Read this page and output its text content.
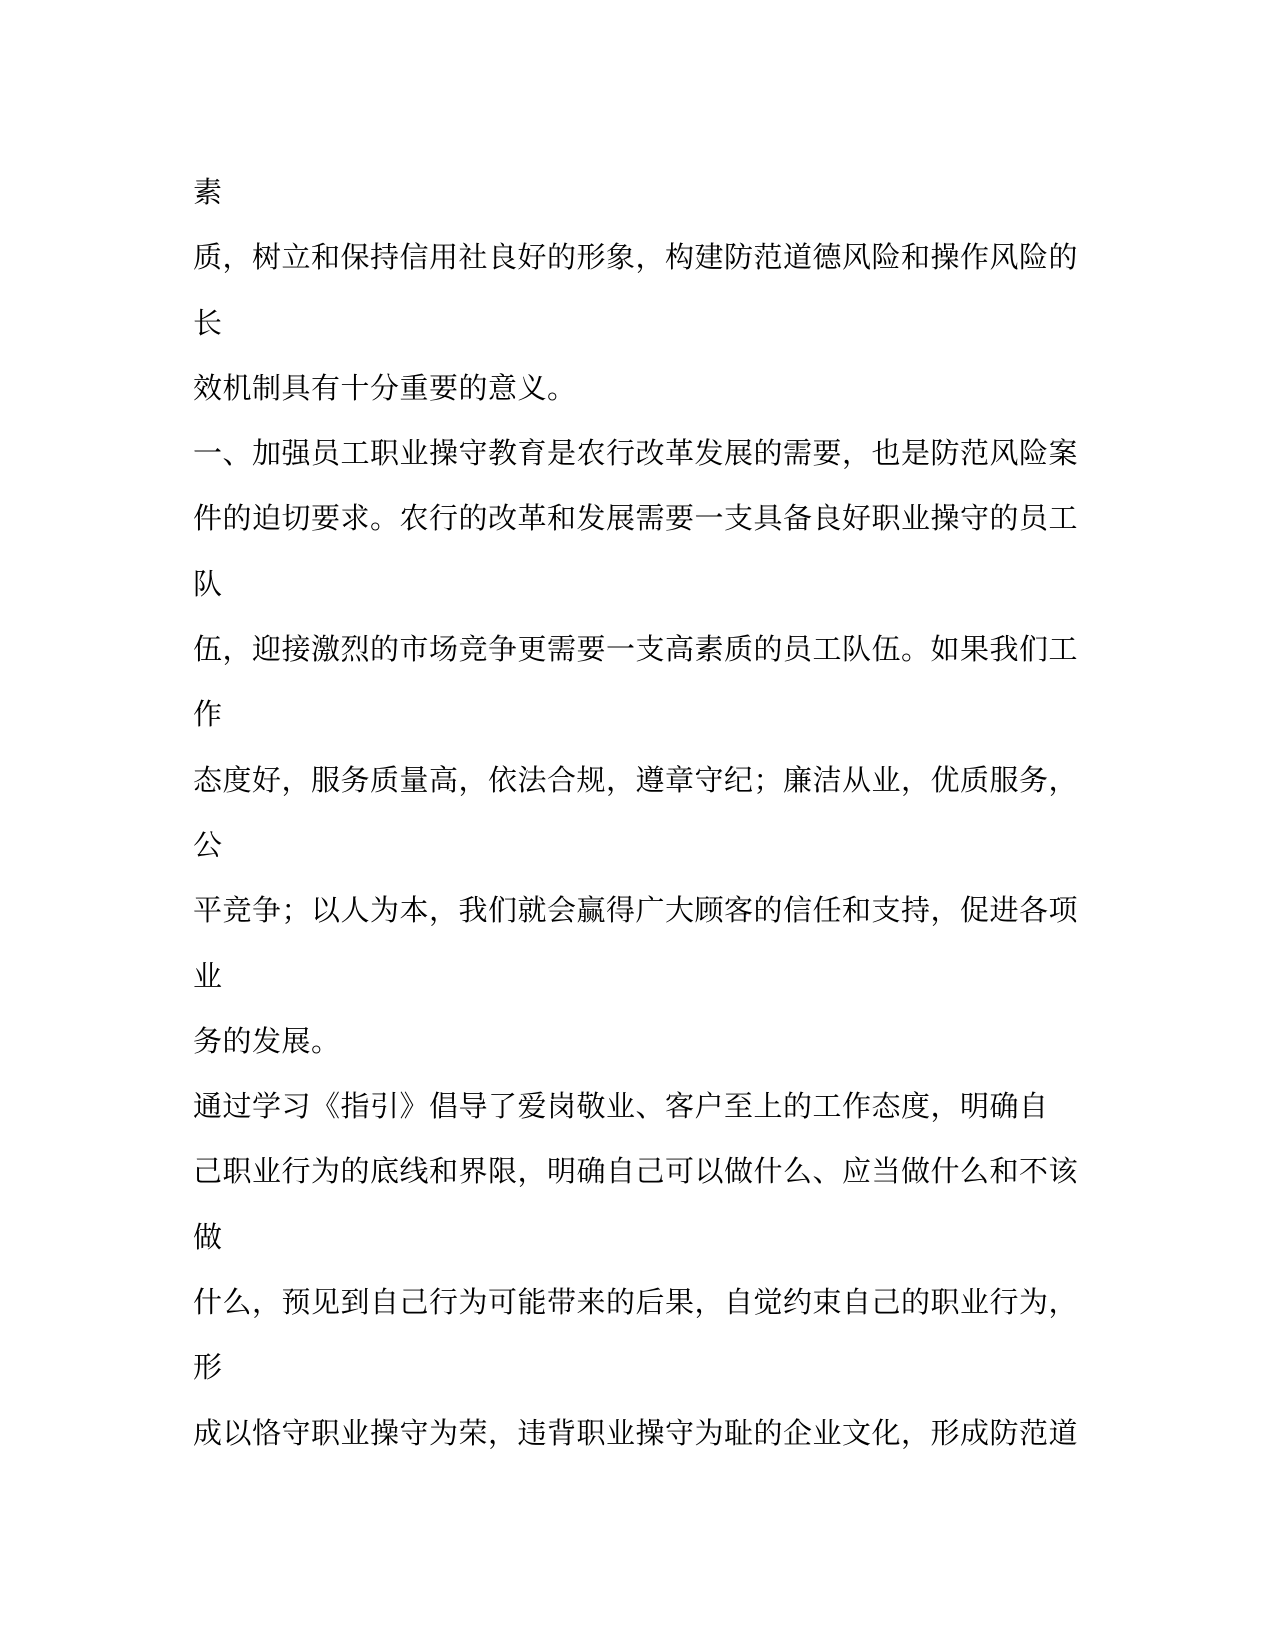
素
质，树立和保持信用社良好的形象，构建防范道德风险和操作风险的
长
效机制具有十分重要的意义。
一、加强员工职业操守教育是农行改革发展的需要，也是防范风险案
件的迫切要求。农行的改革和发展需要一支具备良好职业操守的员工
队
伍，迎接激烈的市场竞争更需要一支高素质的员工队伍。如果我们工
作
态度好，服务质量高，依法合规，遵章守纪；廉洁从业，优质服务，
公
平竞争；以人为本，我们就会赢得广大顾客的信任和支持，促进各项
业
务的发展。
通过学习《指引》倡导了爱岗敬业、客户至上的工作态度，明确自
己职业行为的底线和界限，明确自己可以做什么、应当做什么和不该
做
什么，预见到自己行为可能带来的后果，自觉约束自己的职业行为，
形
成以恪守职业操守为荣，违背职业操守为耻的企业文化，形成防范道
